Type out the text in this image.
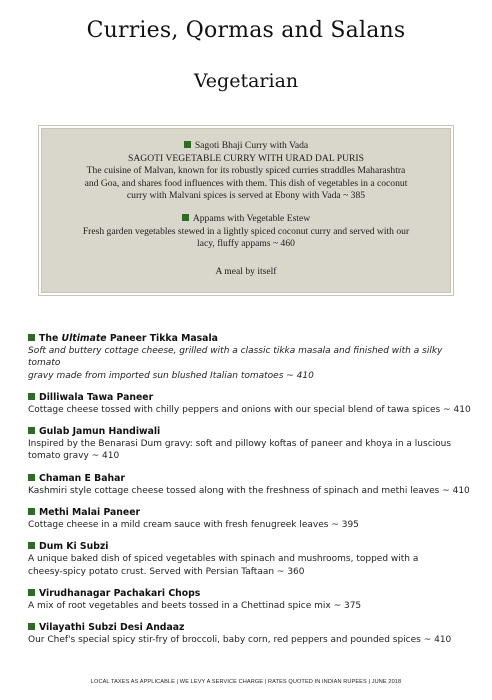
Curries, Qormas and Salans
Vegetarian
Sagoti Bhaji Curry with Vada
SAGOTI VEGETABLE CURRY WITH URAD DAL PURIS
The cuisine of Malvan, known for its robustly spiced curries straddles Maharashtra
and Goa, and shares food influences with them. This dish of vegetables in a coconut
curry with Malvani spices is served at Ebony with Vada ~ 385
Appams with Vegetable Estew
Fresh garden vegetables stewed in a lightly spiced coconut curry and served with our
lacy, fluffy appams ~ 460
A meal by itself
The Ultimate Paneer Tikka Masala
Soft and buttery cottage cheese, grilled with a classic tikka masala and finished with a silky tomato
gravy made from imported sun blushed Italian tomatoes ~ 410
Dilliwala Tawa Paneer
Cottage cheese tossed with chilly peppers and onions with our special blend of tawa spices ~ 410
Gulab Jamun Handiwali
Inspired by the Benarasi Dum gravy: soft and pillowy koftas of paneer and khoya in a luscious
tomato gravy ~ 410
Chaman E Bahar
Kashmiri style cottage cheese tossed along with the freshness of spinach and methi leaves ~ 410
Methi Malai Paneer
Cottage cheese in a mild cream sauce with fresh fenugreek leaves ~ 395
Dum Ki Subzi
A unique baked dish of spiced vegetables with spinach and mushrooms, topped with a
cheesy-spicy potato crust. Served with Persian Taftaan ~ 360
Virudhanagar Pachakari Chops
A mix of root vegetables and beets tossed in a Chettinad spice mix ~ 375
Vilayathi Subzi Desi Andaaz
Our Chef's special spicy stir-fry of broccoli, baby corn, red peppers and pounded spices ~ 410
LOCAL TAXES AS APPLICABLE | WE LEVY A SERVICE CHARGE | RATES QUOTED IN INDIAN RUPEES | JUNE 2018
